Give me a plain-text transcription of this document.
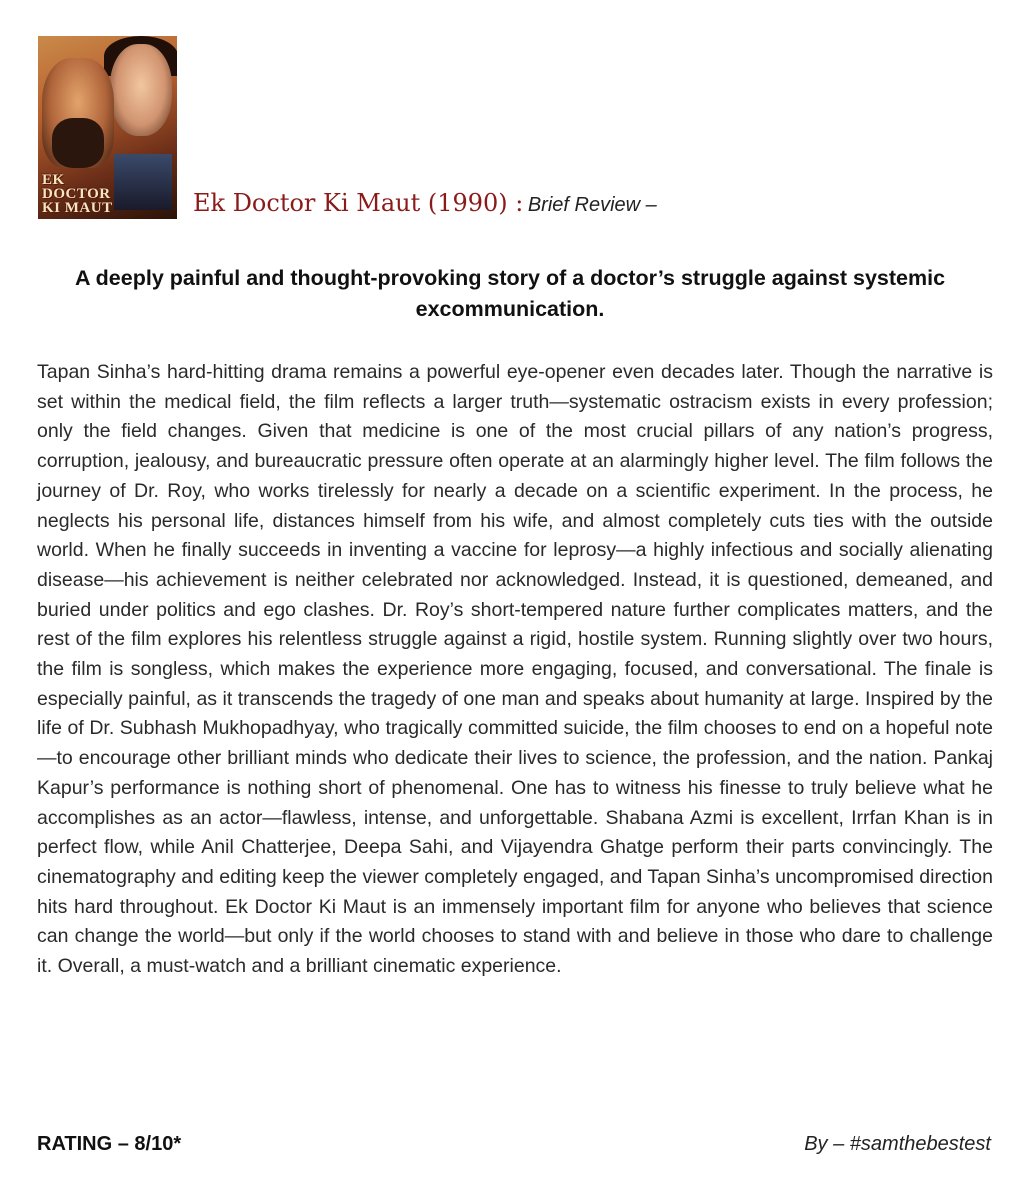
EK
DOCTOR
KI MAUT	Ek Doctor Ki Maut (1990) : Brief Review –
A deeply painful and thought-provoking story of a doctor’s struggle against systemic excommunication.
Tapan Sinha’s hard-hitting drama remains a powerful eye-opener even decades later. Though the narrative is set within the medical field, the film reflects a larger truth—systematic ostracism exists in every profession; only the field changes. Given that medicine is one of the most crucial pillars of any nation’s progress, corruption, jealousy, and bureaucratic pressure often operate at an alarmingly higher level. The film follows the journey of Dr. Roy, who works tirelessly for nearly a decade on a scientific experiment. In the process, he neglects his personal life, distances himself from his wife, and almost completely cuts ties with the outside world. When he finally succeeds in inventing a vaccine for leprosy—a highly infectious and socially alienating disease—his achievement is neither celebrated nor acknowledged. Instead, it is questioned, demeaned, and buried under politics and ego clashes. Dr. Roy’s short-tempered nature further complicates matters, and the rest of the film explores his relentless struggle against a rigid, hostile system. Running slightly over two hours, the film is songless, which makes the experience more engaging, focused, and conversational. The finale is especially painful, as it transcends the tragedy of one man and speaks about humanity at large. Inspired by the life of Dr. Subhash Mukhopadhyay, who tragically committed suicide, the film chooses to end on a hopeful note—to encourage other brilliant minds who dedicate their lives to science, the profession, and the nation. Pankaj Kapur’s performance is nothing short of phenomenal. One has to witness his finesse to truly believe what he accomplishes as an actor—flawless, intense, and unforgettable. Shabana Azmi is excellent, Irrfan Khan is in perfect flow, while Anil Chatterjee, Deepa Sahi, and Vijayendra Ghatge perform their parts convincingly. The cinematography and editing keep the viewer completely engaged, and Tapan Sinha’s uncompromised direction hits hard throughout. Ek Doctor Ki Maut is an immensely important film for anyone who believes that science can change the world—but only if the world chooses to stand with and believe in those who dare to challenge it. Overall, a must-watch and a brilliant cinematic experience.
RATING – 8/10*	By – #samthebestest
